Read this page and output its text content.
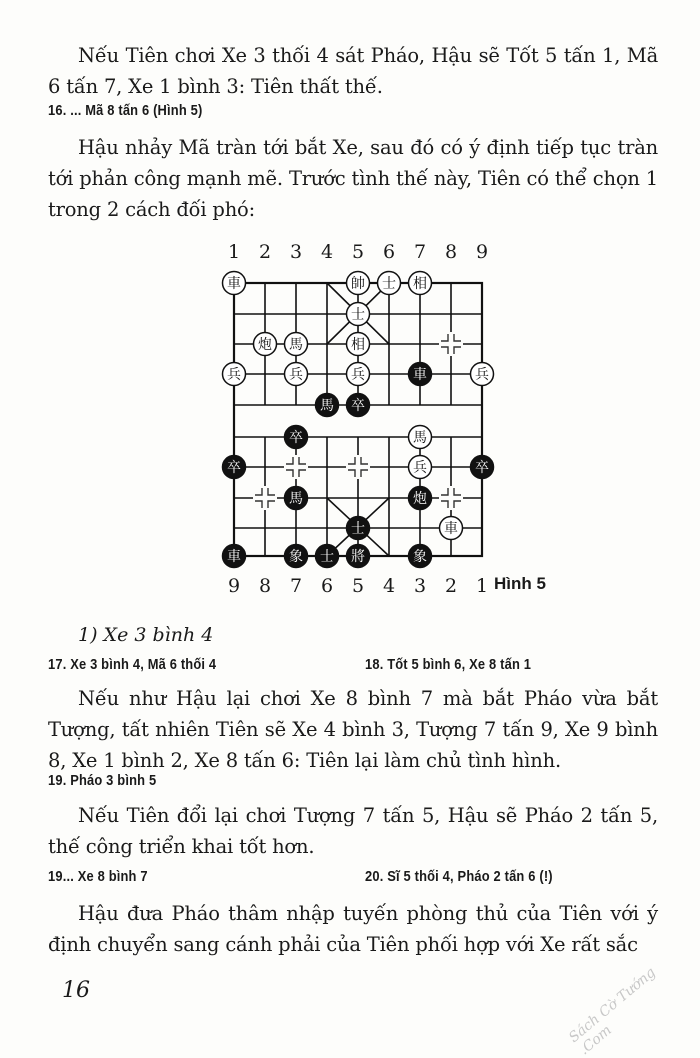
Nếu Tiên chơi Xe 3 thối 4 sát Pháo, Hậu sẽ Tốt 5 tấn 1, Mã 6 tấn 7, Xe 1 bình 3: Tiên thất thế.
16. ... Mã 8 tấn 6 (Hình 5)
Hậu nhảy Mã tràn tới bắt Xe, sau đó có ý định tiếp tục tràn tới phản công mạnh mẽ. Trước tình thế này, Tiên có thể chọn 1 trong 2 cách đối phó:
車	帥 士 相
士
炮 馬	相
兵	兵	兵	兵
馬
兵
車
車
馬 卒
卒
卒	卒
馬	炮
士
車	象 士 將	象
1 2 3 4 5 6 7 8 9
9 8 7 6 5 4 3 2 1 Hình 5
1) Xe 3 bình 4
17. Xe 3 bình 4, Mã 6 thối 4	18. Tốt 5 bình 6, Xe 8 tấn 1
Nếu như Hậu lại chơi Xe 8 bình 7 mà bắt Pháo vừa bắt Tượng, tất nhiên Tiên sẽ Xe 4 bình 3, Tượng 7 tấn 9, Xe 9 bình 8, Xe 1 bình 2, Xe 8 tấn 6: Tiên lại làm chủ tình hình.
19. Pháo 3 bình 5
Nếu Tiên đổi lại chơi Tượng 7 tấn 5, Hậu sẽ Pháo 2 tấn 5, thế công triển khai tốt hơn.
19... Xe 8 bình 7	20. Sĩ 5 thối 4, Pháo 2 tấn 6 (!)
Hậu đưa Pháo thâm nhập tuyến phòng thủ của Tiên với ý định chuyển sang cánh phải của Tiên phối hợp với Xe rất sắc
16	Sách Cờ Tướng .Com
